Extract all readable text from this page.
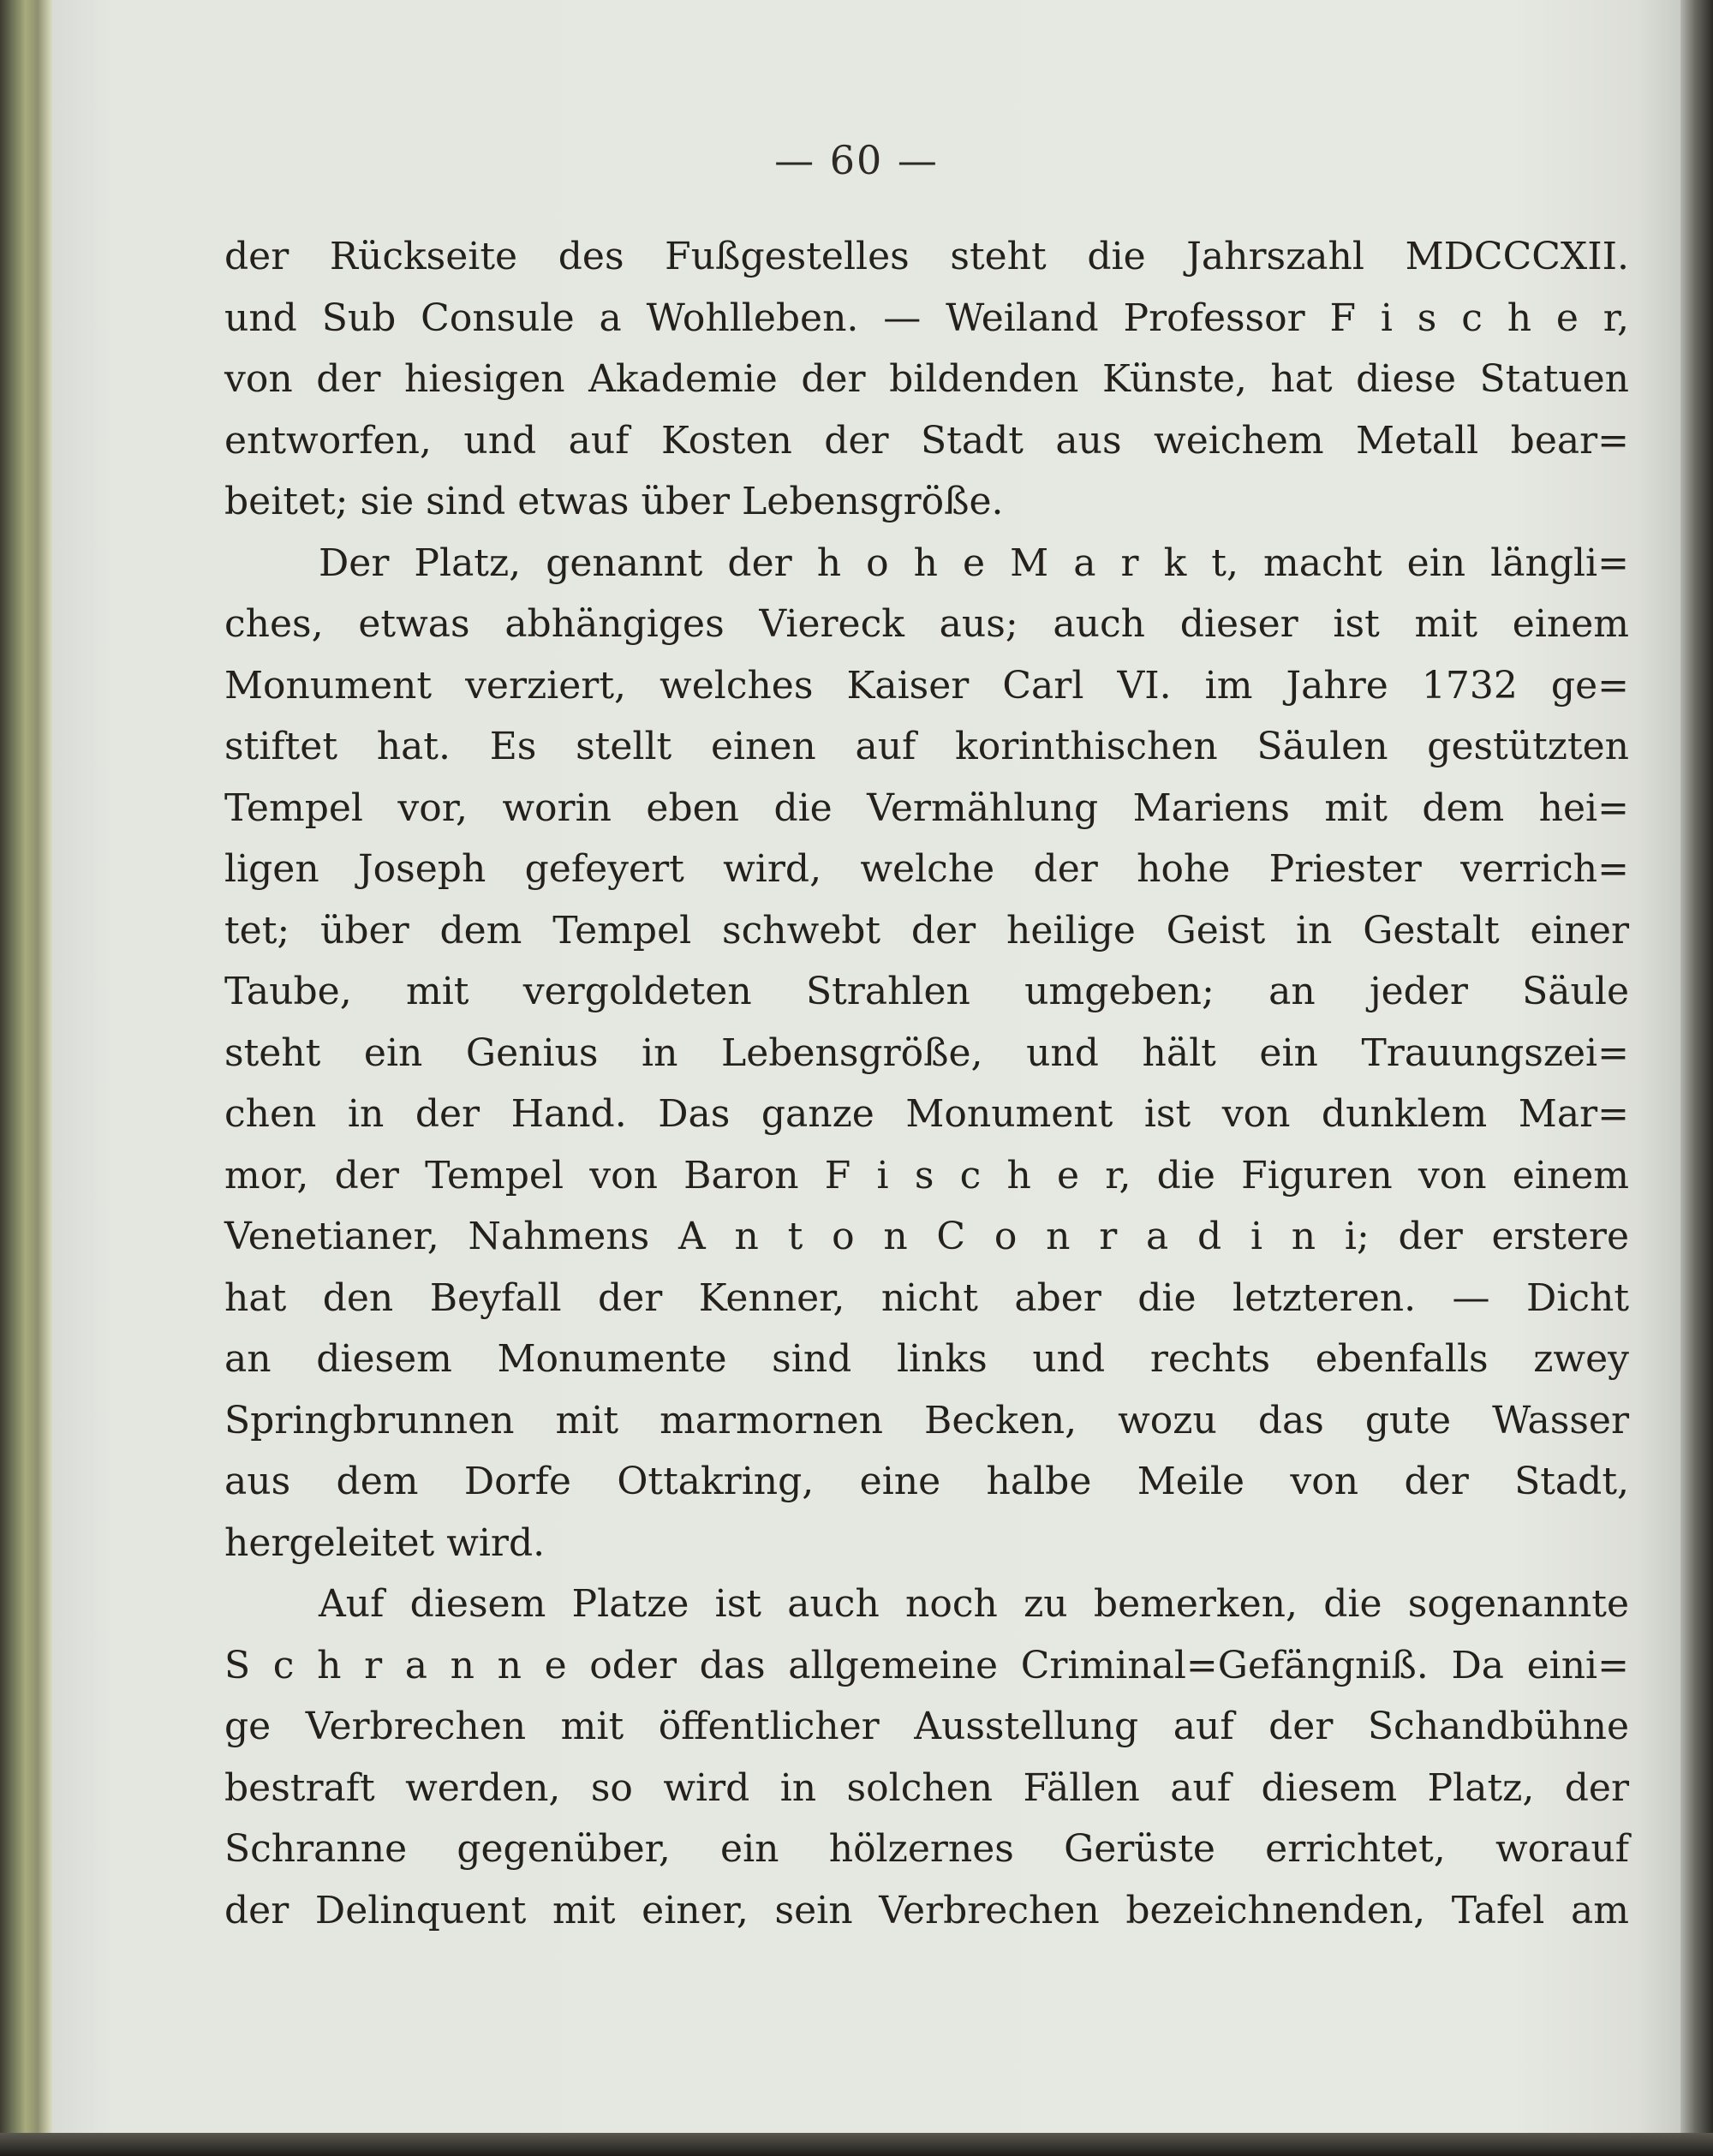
— 60 —
der Rückseite des Fußgestelles steht die Jahrszahl MDCCCXII.
und Sub Consule a Wohlleben. — Weiland Professor F i s c h e r,
von der hiesigen Akademie der bildenden Künste, hat diese Statuen
entworfen, und auf Kosten der Stadt aus weichem Metall bear=
beitet; sie sind etwas über Lebensgröße.
Der Platz, genannt der h o h e M a r k t, macht ein längli=
ches, etwas abhängiges Viereck aus; auch dieser ist mit einem
Monument verziert, welches Kaiser Carl VI. im Jahre 1732 ge=
stiftet hat. Es stellt einen auf korinthischen Säulen gestützten
Tempel vor, worin eben die Vermählung Mariens mit dem hei=
ligen Joseph gefeyert wird, welche der hohe Priester verrich=
tet; über dem Tempel schwebt der heilige Geist in Gestalt einer
Taube, mit vergoldeten Strahlen umgeben; an jeder Säule
steht ein Genius in Lebensgröße, und hält ein Trauungszei=
chen in der Hand. Das ganze Monument ist von dunklem Mar=
mor, der Tempel von Baron F i s c h e r, die Figuren von einem
Venetianer, Nahmens A n t o n C o n r a d i n i; der erstere
hat den Beyfall der Kenner, nicht aber die letzteren. — Dicht
an diesem Monumente sind links und rechts ebenfalls zwey
Springbrunnen mit marmornen Becken, wozu das gute Wasser
aus dem Dorfe Ottakring, eine halbe Meile von der Stadt,
hergeleitet wird.
Auf diesem Platze ist auch noch zu bemerken, die sogenannte
S c h r a n n e oder das allgemeine Criminal=Gefängniß. Da eini=
ge Verbrechen mit öffentlicher Ausstellung auf der Schandbühne
bestraft werden, so wird in solchen Fällen auf diesem Platz, der
Schranne gegenüber, ein hölzernes Gerüste errichtet, worauf
der Delinquent mit einer, sein Verbrechen bezeichnenden, Tafel am
